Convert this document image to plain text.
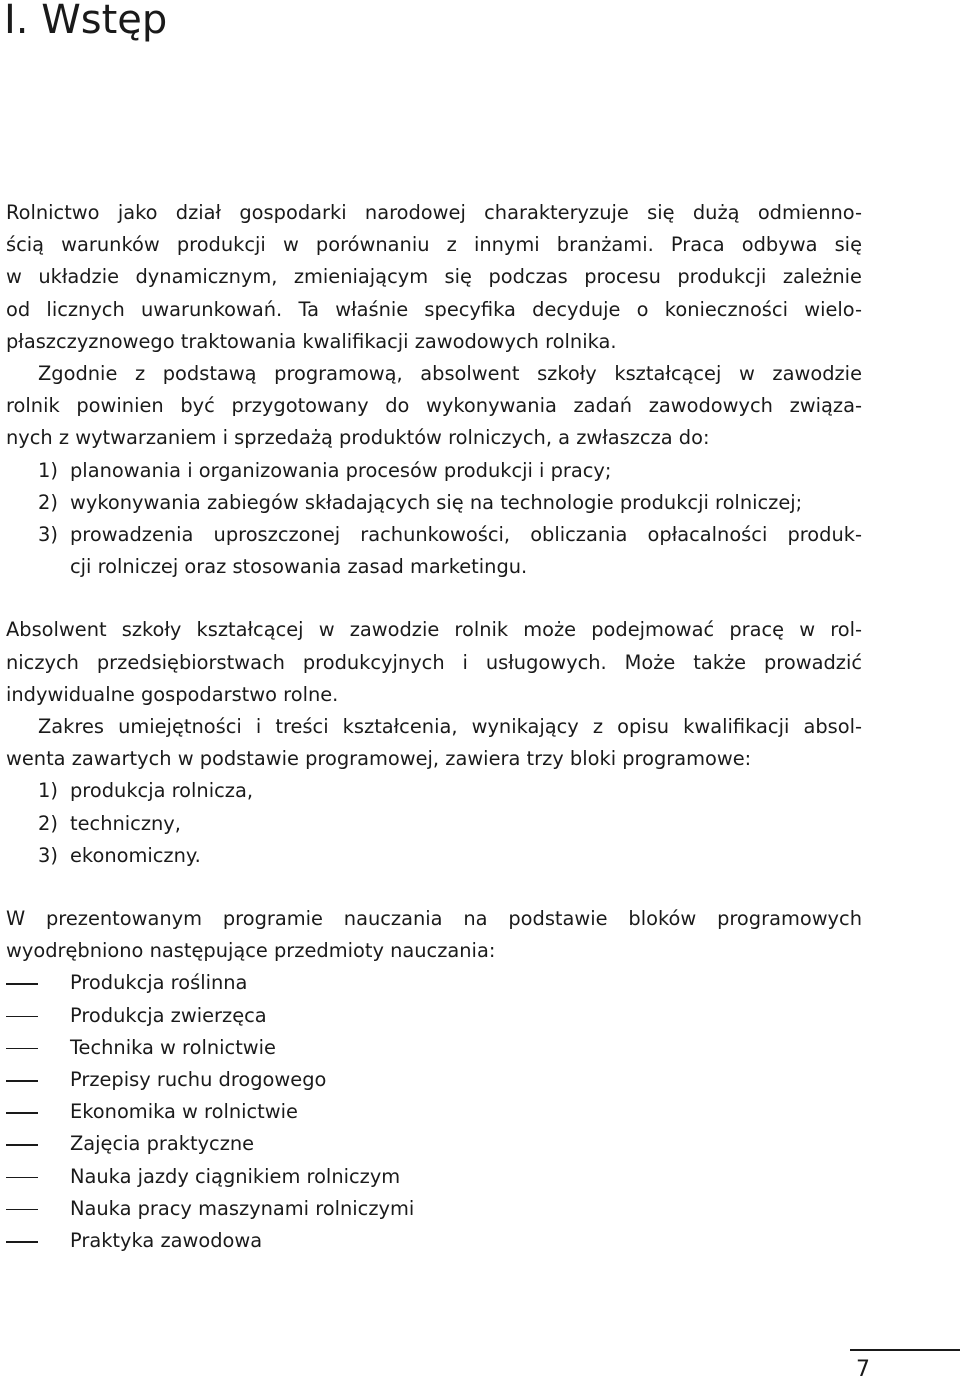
I. Wstęp

Rolnictwo jako dział gospodarki narodowej charakteryzuje się dużą odmienno-

ścią warunków produkcji w porównaniu z innymi branżami. Praca odbywa się

w układzie dynamicznym, zmieniającym się podczas procesu produkcji zależnie

od licznych uwarunkowań. Ta właśnie specyfika decyduje o konieczności wielo-

płaszczyznowego traktowania kwalifikacji zawodowych rolnika.

Zgodnie z podstawą programową, absolwent szkoły kształcącej w zawodzie

rolnik powinien być przygotowany do wykonywania zadań zawodowych związa-

nych z wytwarzaniem i sprzedażą produktów rolniczych, a zwłaszcza do:

1) planowania i organizowania procesów produkcji i pracy;

2) wykonywania zabiegów składających się na technologie produkcji rolniczej;

3) prowadzenia uproszczonej rachunkowości, obliczania opłacalności produk-

cji rolniczej oraz stosowania zasad marketingu.

Absolwent szkoły kształcącej w zawodzie rolnik może podejmować pracę w rol-

niczych przedsiębiorstwach produkcyjnych i usługowych. Może także prowadzić

indywidualne gospodarstwo rolne.

Zakres umiejętności i treści kształcenia, wynikający z opisu kwalifikacji absol-

wenta zawartych w podstawie programowej, zawiera trzy bloki programowe:

1) produkcja rolnicza,

2) techniczny,

3) ekonomiczny.

W prezentowanym programie nauczania na podstawie bloków programowych

wyodrębniono następujące przedmioty nauczania:

Produkcja roślinna

Produkcja zwierzęca

Technika w rolnictwie

Przepisy ruchu drogowego

Ekonomika w rolnictwie

Zajęcia praktyczne

Nauka jazdy ciągnikiem rolniczym

Nauka pracy maszynami rolniczymi

Praktyka zawodowa

7
